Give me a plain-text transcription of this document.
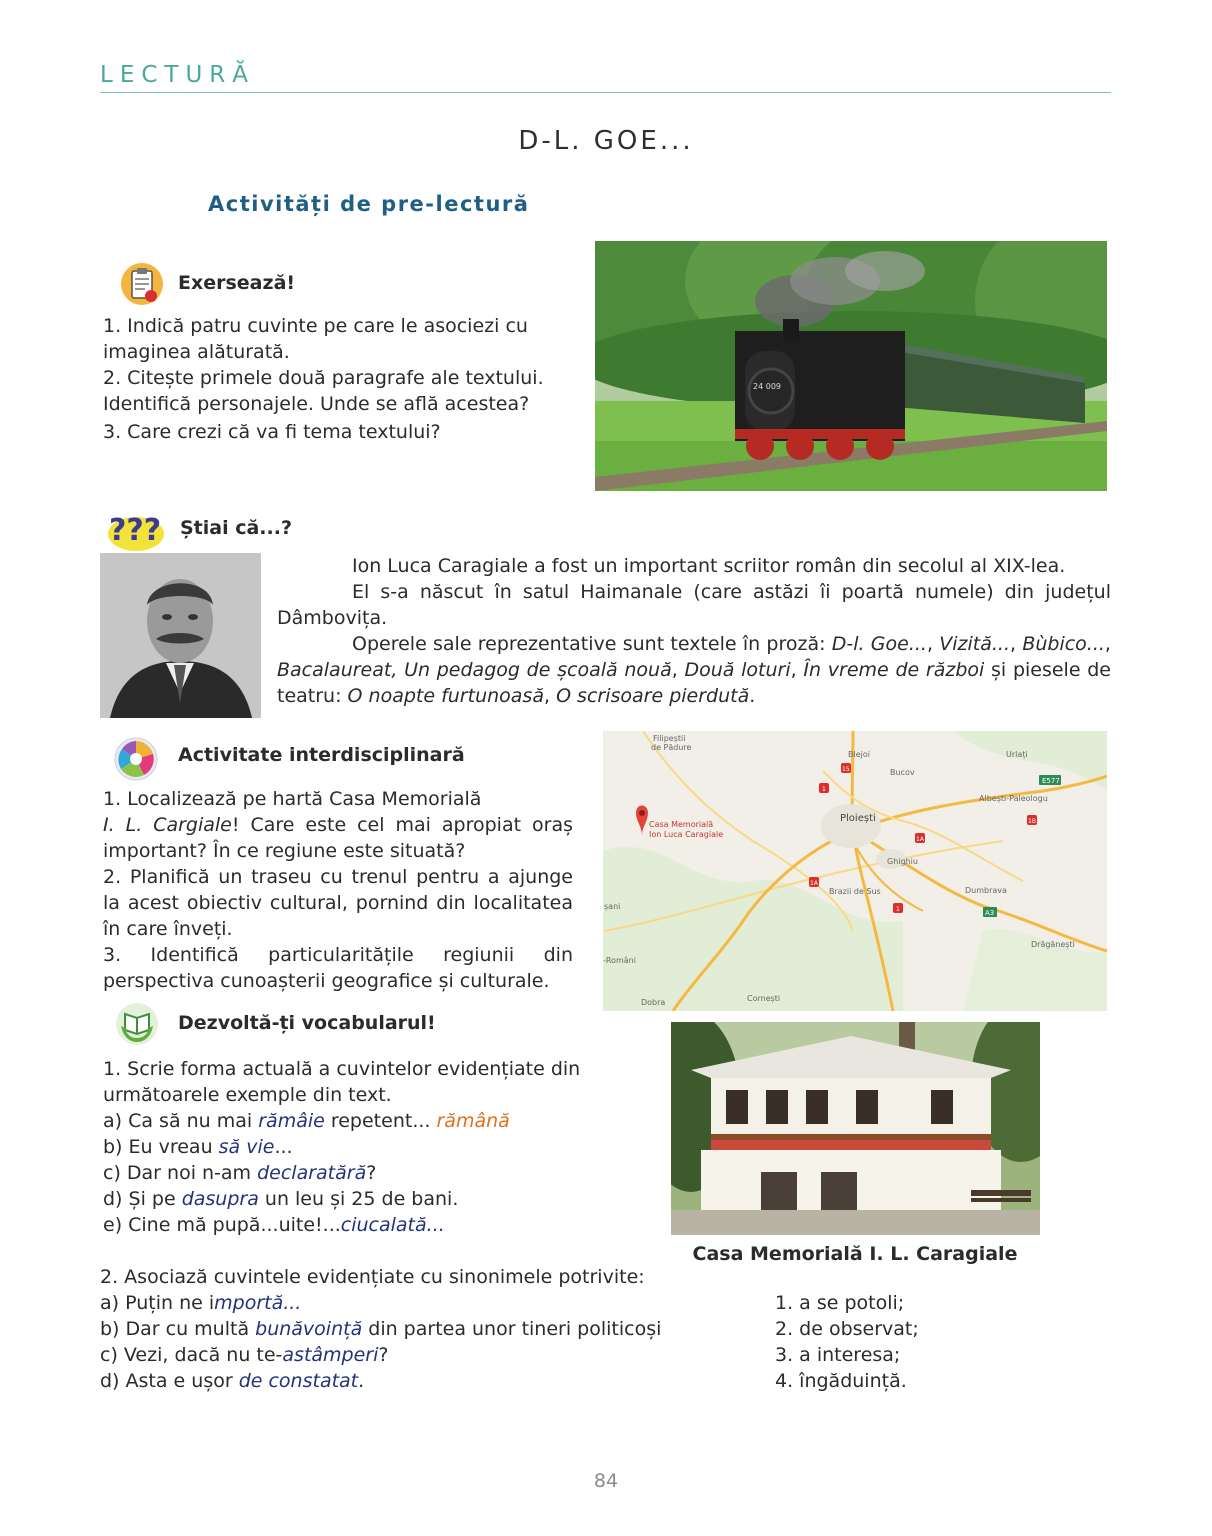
LECTURĂ
D-L. GOE...
Activități de pre-lectură
Exersează!

1. Indică patru cuvinte pe care le asociezi cu

imaginea alăturată.

2. Citește primele două paragrafe ale textului.

Identifică personajele. Unde se află acestea?

3. Care crezi că va fi tema textului?

24 009
??? Știai că...?

Ion Luca Caragiale a fost un important scriitor român din secolul al XIX-lea.

El s-a născut în satul Haimanale (care astăzi îi poartă numele) din județul Dâmbovița.

Operele sale reprezentative sunt textele în proză: D-l. Goe..., Vizită..., Bùbico..., Bacalaureat, Un pedagog de școală nouă, Două loturi, În vreme de război și piesele de teatru: O noapte furtunoasă, O scrisoare pierdută.

Activitate interdisciplinară

1. Localizează pe hartă Casa Memorială
I. L. Cargiale! Care este cel mai apropiat oraș important? În ce regiune este situată?

2. Planifică un traseu cu trenul pentru a ajunge la acest obiectiv cultural, pornind din localitatea în care înveți.

3. Identifică particularitățile regiunii din perspectiva cunoașterii geografice și culturale.

Filipeștii
de Pădure
Blejoi	Urlați
Bucov
Albești-Paleologu
Ploiești
Casa Memorială
Ion Luca Caragiale
Ghighiu
Brazii de Sus	Dumbrava
șani
Drăgănești
-Români
Dobra	Cornești
E577
A3
15
1
1A
1B
1A
1
Dezvoltă-ți vocabularul!

1. Scrie forma actuală a cuvintelor evidențiate din următoarele exemple din text.

a) Ca să nu mai rămâie repetent... rămână

b) Eu vreau să vie...

c) Dar noi n-am declaratără?

d) Și pe dasupra un leu și 25 de bani.

e) Cine mă pupă...uite!...ciucalată...

Casa Memorială I. L. Caragiale

2. Asociază cuvintele evidențiate cu sinonimele potrivite:

a) Puțin ne importă...

b) Dar cu multă bunăvoință din partea unor tineri politicoși

c) Vezi, dacă nu te-astâmperi?

d) Asta e ușor de constatat.

1. a se potoli;

2. de observat;

3. a interesa;

4. îngăduință.

84
